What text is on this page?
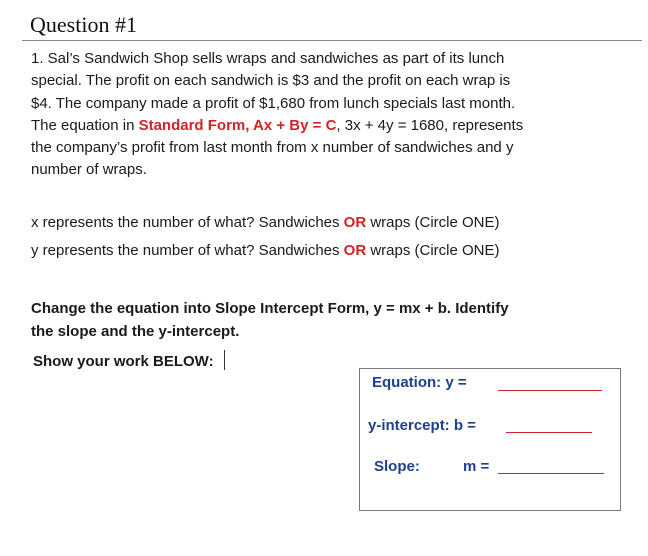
Question #1
1. Sal’s Sandwich Shop sells wraps and sandwiches as part of its lunch
special. The profit on each sandwich is $3 and the profit on each wrap is
$4. The company made a profit of $1,680 from lunch specials last month.
The equation in Standard Form, Ax + By = C, 3x + 4y = 1680, represents
the company’s profit from last month from x number of sandwiches and y
number of wraps.
x represents the number of what? Sandwiches OR wraps (Circle ONE)
y represents the number of what? Sandwiches OR wraps (Circle ONE)
Change the equation into Slope Intercept Form, y = mx + b. Identify
the slope and the y-intercept.
Show your work BELOW:
Equation: y =
y-intercept: b =
Slope:	m =
